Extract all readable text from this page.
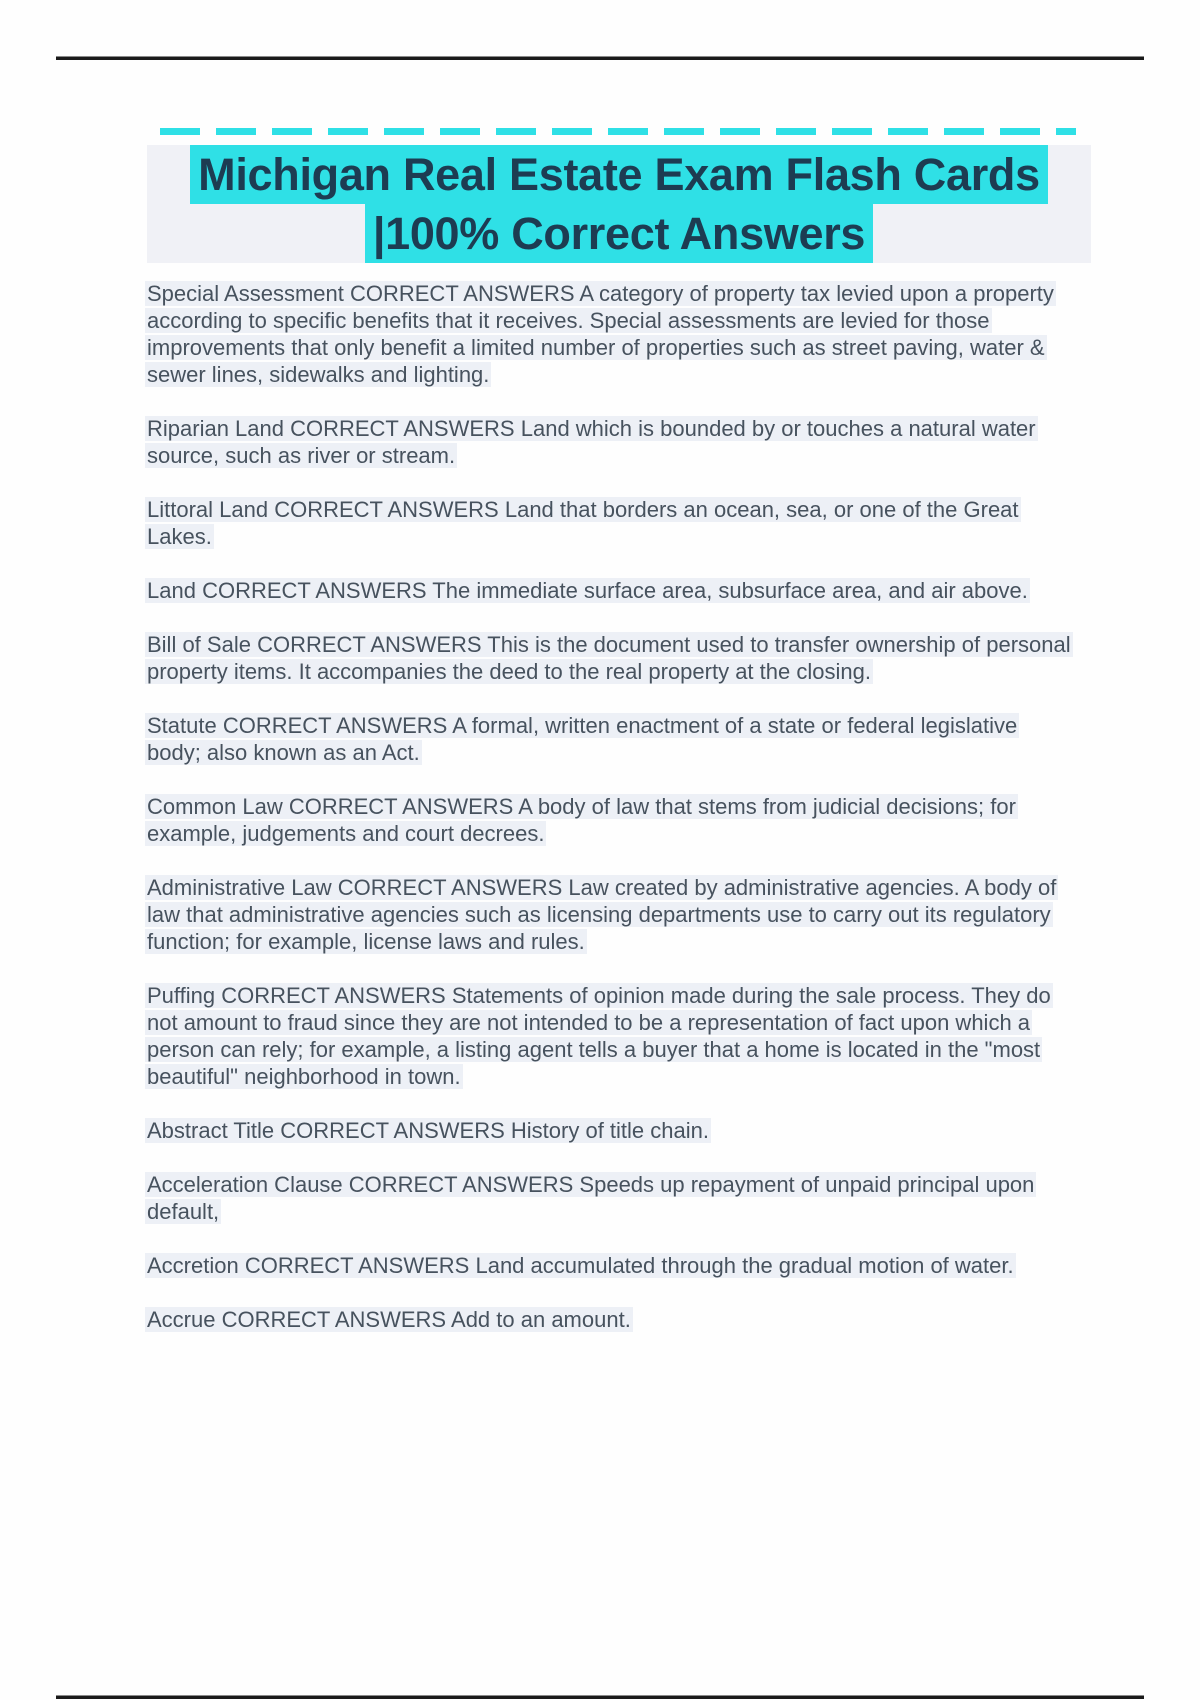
Michigan Real Estate Exam Flash Cards
|100% Correct Answers

Special Assessment CORRECT ANSWERS A category of property tax levied upon a property according to specific benefits that it receives. Special assessments are levied for those improvements that only benefit a limited number of properties such as street paving, water & sewer lines, sidewalks and lighting.

Riparian Land CORRECT ANSWERS Land which is bounded by or touches a natural water source, such as river or stream.

Littoral Land CORRECT ANSWERS Land that borders an ocean, sea, or one of the Great Lakes.

Land CORRECT ANSWERS The immediate surface area, subsurface area, and air above.

Bill of Sale CORRECT ANSWERS This is the document used to transfer ownership of personal property items. It accompanies the deed to the real property at the closing.

Statute CORRECT ANSWERS A formal, written enactment of a state or federal legislative body; also known as an Act.

Common Law CORRECT ANSWERS A body of law that stems from judicial decisions; for example, judgements and court decrees.

Administrative Law CORRECT ANSWERS Law created by administrative agencies. A body of law that administrative agencies such as licensing departments use to carry out its regulatory function; for example, license laws and rules.

Puffing CORRECT ANSWERS Statements of opinion made during the sale process. They do not amount to fraud since they are not intended to be a representation of fact upon which a person can rely; for example, a listing agent tells a buyer that a home is located in the "most beautiful" neighborhood in town.

Abstract Title CORRECT ANSWERS History of title chain.

Acceleration Clause CORRECT ANSWERS Speeds up repayment of unpaid principal upon default,

Accretion CORRECT ANSWERS Land accumulated through the gradual motion of water.

Accrue CORRECT ANSWERS Add to an amount.
